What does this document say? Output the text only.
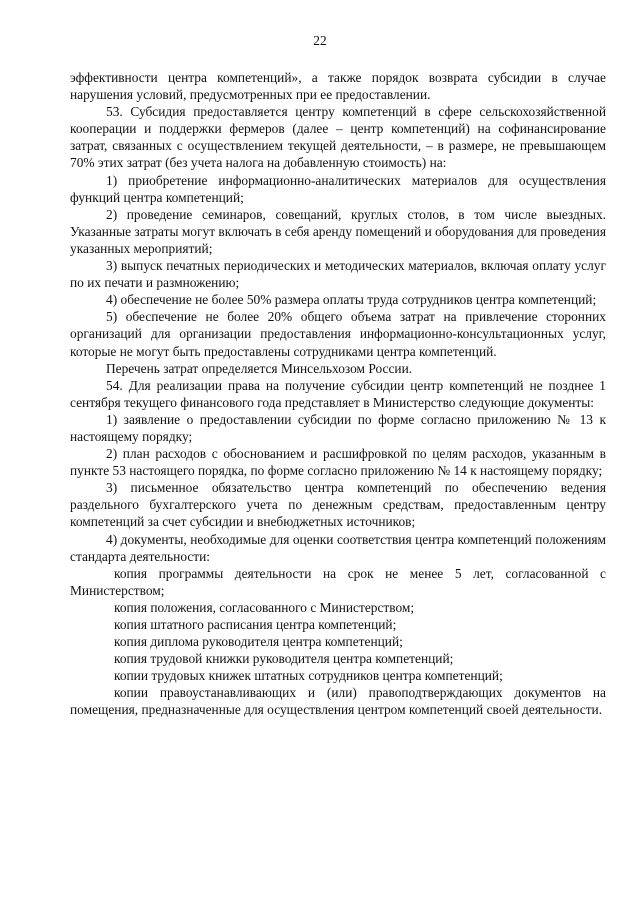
22

эффективности центра компетенций», а также порядок возврата субсидии в случае нарушения условий, предусмотренных при ее предоставлении.

53. Субсидия предоставляется центру компетенций в сфере сельскохозяйственной кооперации и поддержки фермеров (далее – центр компетенций) на софинансирование затрат, связанных с осуществлением текущей деятельности, – в размере, не превышающем 70% этих затрат (без учета налога на добавленную стоимость) на:

1) приобретение информационно-аналитических материалов для осуществления функций центра компетенций;

2) проведение семинаров, совещаний, круглых столов, в том числе выездных. Указанные затраты могут включать в себя аренду помещений и оборудования для проведения указанных мероприятий;

3) выпуск печатных периодических и методических материалов, включая оплату услуг по их печати и размножению;

4) обеспечение не более 50% размера оплаты труда сотрудников центра компетенций;

5) обеспечение не более 20% общего объема затрат на привлечение сторонних организаций для организации предоставления информационно-консультационных услуг, которые не могут быть предоставлены сотрудниками центра компетенций.

Перечень затрат определяется Минсельхозом России.

54. Для реализации права на получение субсидии центр компетенций не позднее 1 сентября текущего финансового года представляет в Министерство следующие документы:

1) заявление о предоставлении субсидии по форме согласно приложению № 13 к настоящему порядку;

2) план расходов с обоснованием и расшифровкой по целям расходов, указанным в пункте 53 настоящего порядка, по форме согласно приложению № 14 к настоящему порядку;

3) письменное обязательство центра компетенций по обеспечению ведения раздельного бухгалтерского учета по денежным средствам, предоставленным центру компетенций за счет субсидии и внебюджетных источников;

4) документы, необходимые для оценки соответствия центра компетенций положениям стандарта деятельности:

копия программы деятельности на срок не менее 5 лет, согласованной с Министерством;

копия положения, согласованного с Министерством;

копия штатного расписания центра компетенций;

копия диплома руководителя центра компетенций;

копия трудовой книжки руководителя центра компетенций;

копии трудовых книжек штатных сотрудников центра компетенций;

копии правоустанавливающих и (или) правоподтверждающих документов на помещения, предназначенные для осуществления центром компетенций своей деятельности.
